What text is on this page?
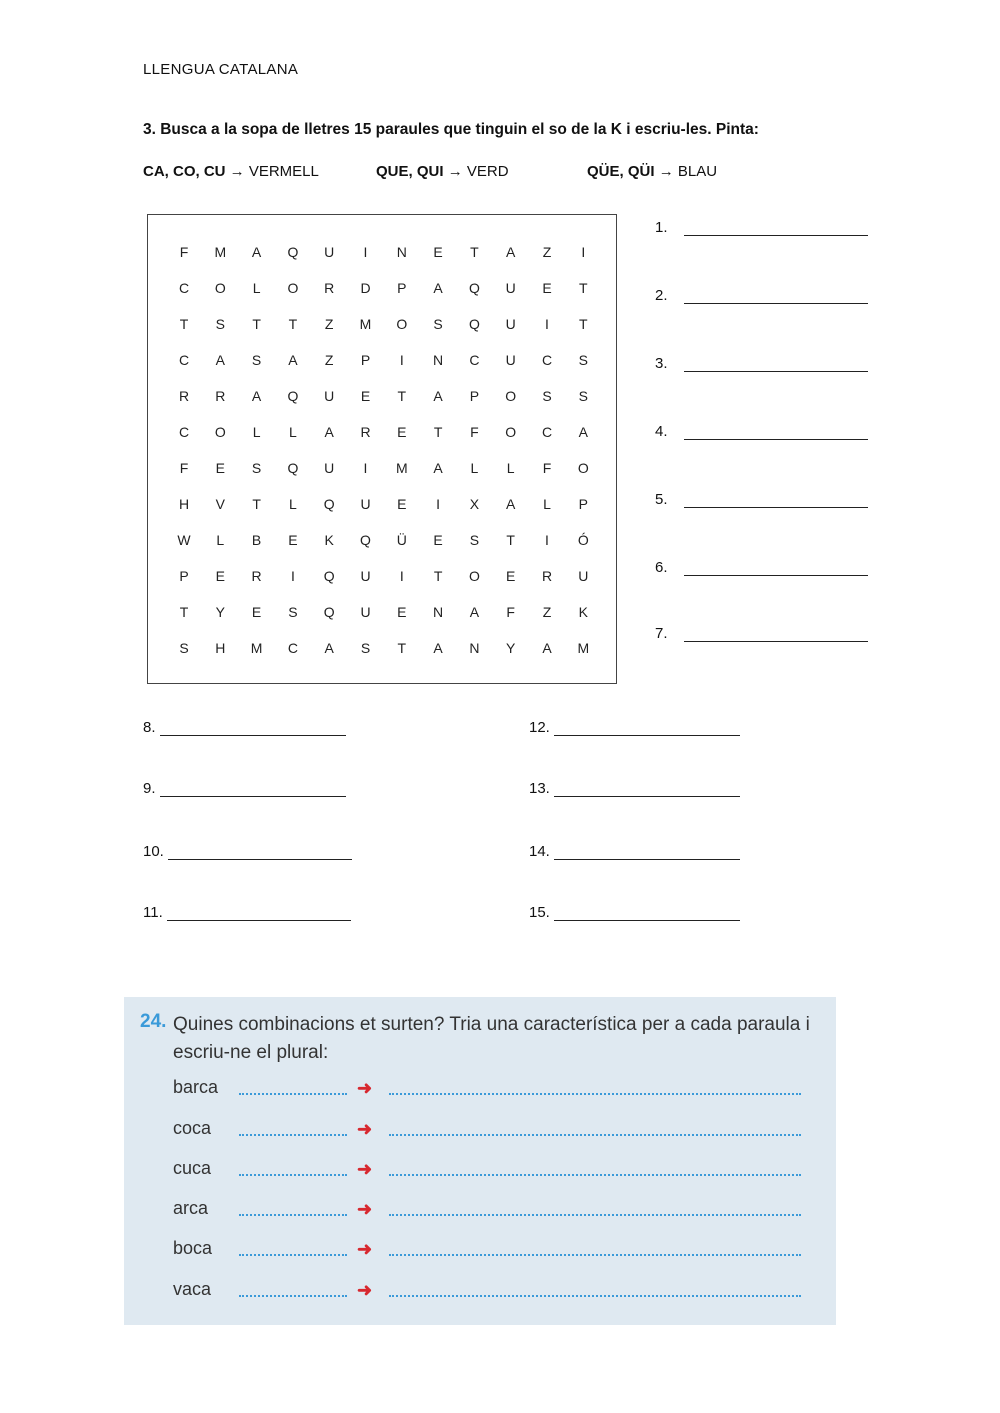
LLENGUA CATALANA
3. Busca a la sopa de lletres 15 paraules que tinguin el so de la K i escriu-les. Pinta:
CA, CO, CU → VERMELL	QUE, QUI → VERD	QÜE, QÜI → BLAU
F	M	A	Q	U	I	N	E	T	A	Z	I
C	O	L	O	R	D	P	A	Q	U	E	T
T	S	T	T	Z	M	O	S	Q	U	I	T
C	A	S	A	Z	P	I	N	C	U	C	S
R	R	A	Q	U	E	T	A	P	O	S	S
C	O	L	L	A	R	E	T	F	O	C	A
F	E	S	Q	U	I	M	A	L	L	F	O
H	V	T	L	Q	U	E	I	X	A	L	P
W	L	B	E	K	Q	Ü	E	S	T	I	Ó
P	E	R	I	Q	U	I	T	O	E	R	U
T	Y	E	S	Q	U	E	N	A	F	Z	K
S	H	M	C	A	S	T	A	N	Y	A	M
1.
2.
3.
4.
5.
6.
7.
8.
9.
10.
11.
12.
13.
14.
15.
24. Quines combinacions et surten? Tria una característica per a cada paraula i escriu-ne el plural:
barca	➜
coca	➜
cuca	➜
arca	➜
boca	➜
vaca	➜
